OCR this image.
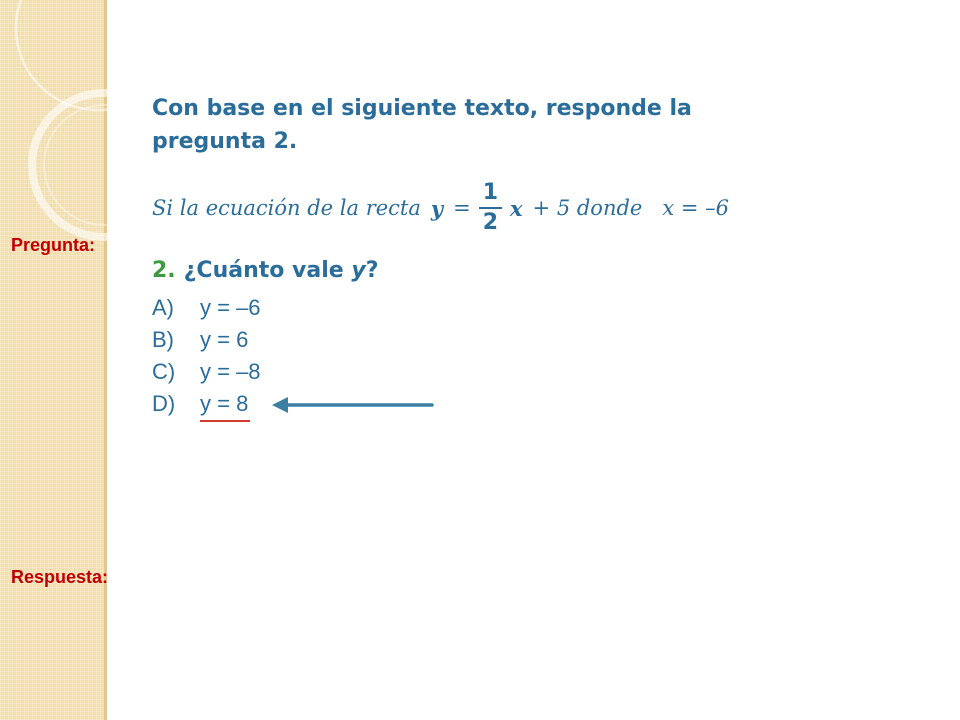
Pregunta:
Respuesta:
Con base en el siguiente texto, responde la
pregunta 2.
Si la ecuación de la recta $y = \frac{1}{2}$ x + 5 donde x = –6
2. ¿Cuánto vale y?
A)	y = –6
B)	y = 6
C)	y = –8
D)	y = 8
